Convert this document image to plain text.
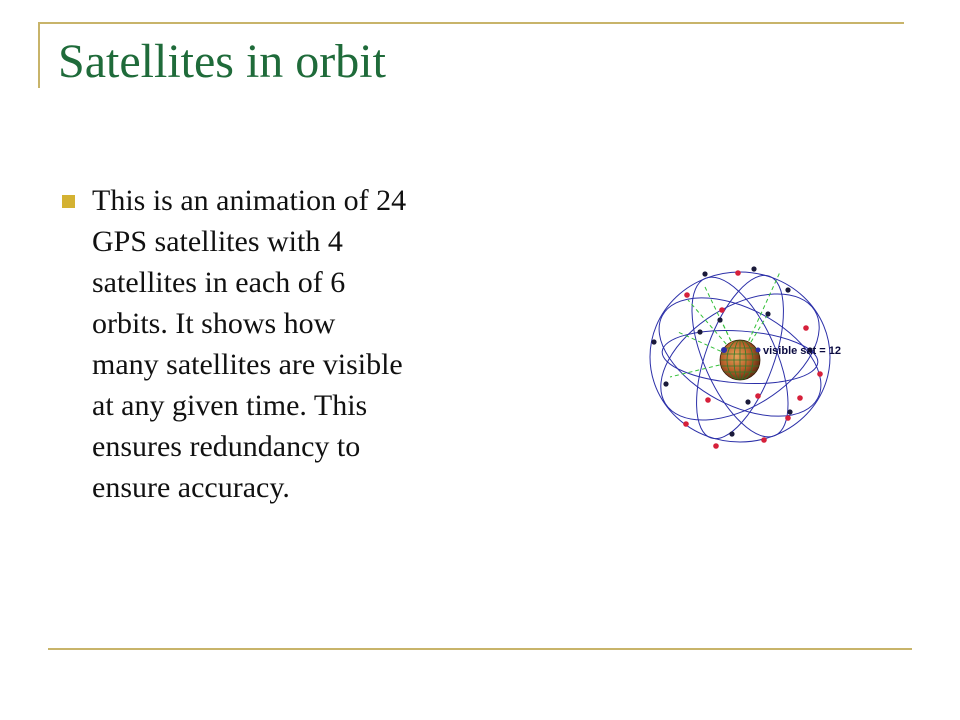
Satellites in orbit
This is an animation of 24
GPS satellites with 4
satellites in each of 6
orbits. It shows how
many satellites are visible
at any given time. This
ensures redundancy to
ensure accuracy.
visible sat = 12
